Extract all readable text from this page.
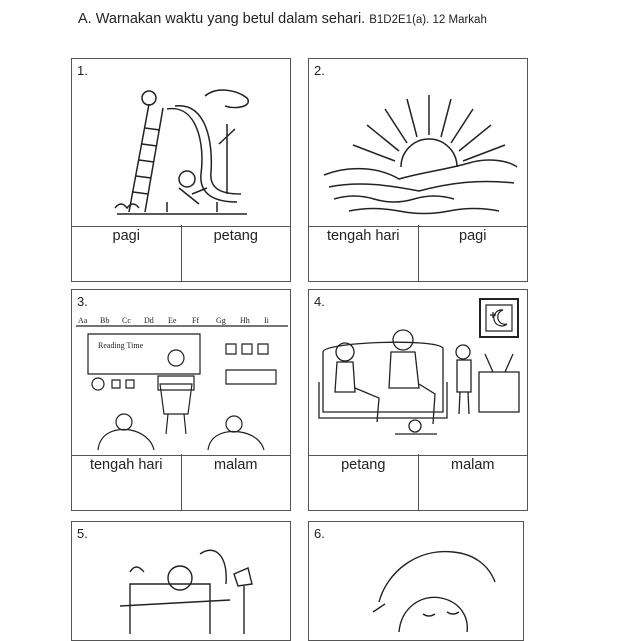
A. Warnakan waktu yang betul dalam sehari. B1D2E1(a). 12 Markah
1.
pagi	petang
2.
tengah hari	pagi
3.
Aa Bb Cc Dd Ee Ff Gg Hh Ii
Reading Time
tengah hari	malam
4.
petang	malam
5.	6.
